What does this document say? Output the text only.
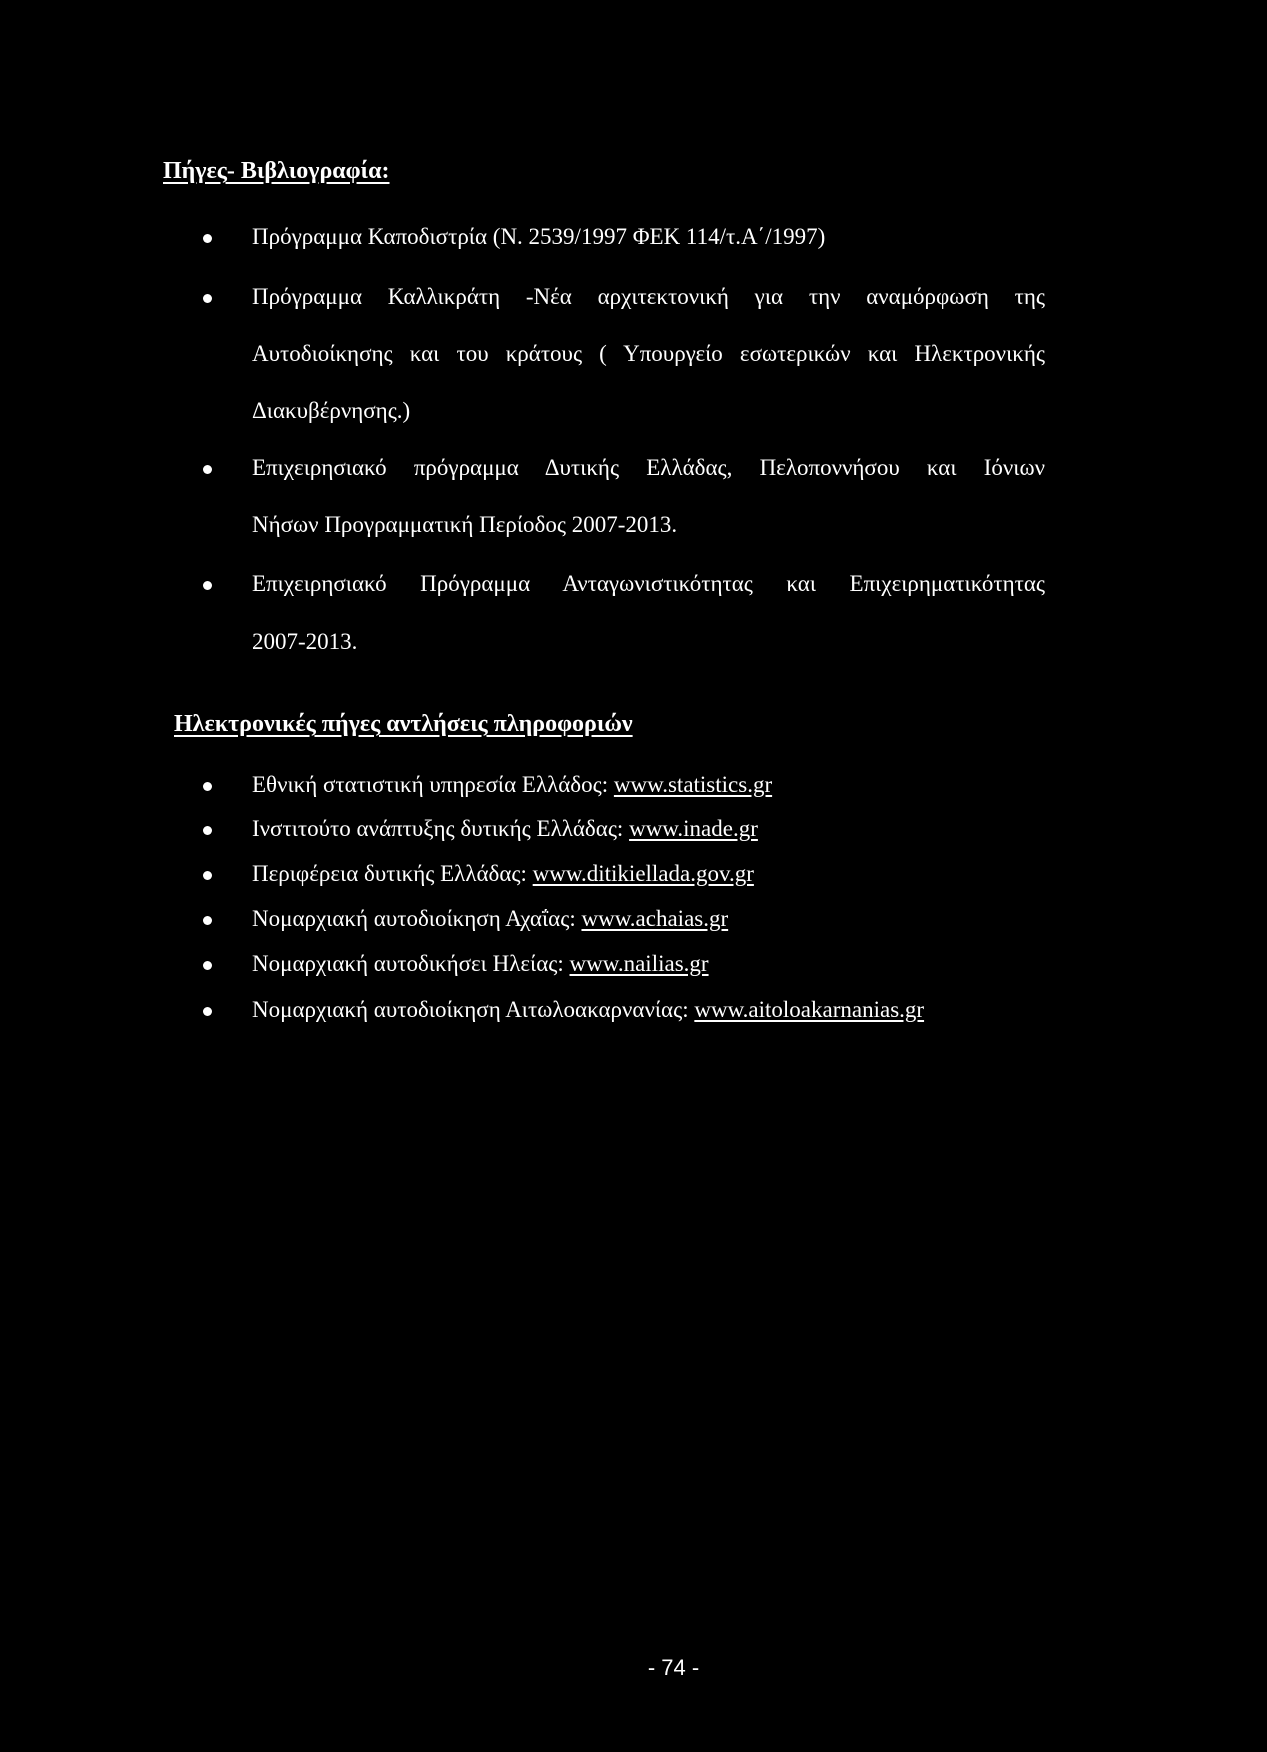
Πήγες- Βιβλιογραφία:
Πρόγραμμα Καποδιστρία (Ν. 2539/1997 ΦΕΚ 114/τ.Α΄/1997)
Πρόγραμμα Καλλικράτη -Νέα αρχιτεκτονική για την αναμόρφωση της
Αυτοδιοίκησης και του κράτους ( Υπουργείο εσωτερικών και Ηλεκτρονικής
Διακυβέρνησης.)
Επιχειρησιακό πρόγραμμα Δυτικής Ελλάδας, Πελοποννήσου και Ιόνιων
Νήσων Προγραμματική Περίοδος 2007-2013.
Επιχειρησιακό Πρόγραμμα Ανταγωνιστικότητας και Επιχειρηματικότητας
2007-2013.
Ηλεκτρονικές πήγες αντλήσεις πληροφοριών
Εθνική στατιστική υπηρεσία Ελλάδος: www.statistics.gr
Ινστιτούτο ανάπτυξης δυτικής Ελλάδας: www.inade.gr
Περιφέρεια δυτικής Ελλάδας: www.ditikiellada.gov.gr
Νομαρχιακή αυτοδιοίκηση Αχαΐας: www.achaias.gr
Νομαρχιακή αυτοδικήσει Ηλείας: www.nailias.gr
Νομαρχιακή αυτοδιοίκηση Αιτωλοακαρνανίας: www.aitoloakarnanias.gr
- 74 -
